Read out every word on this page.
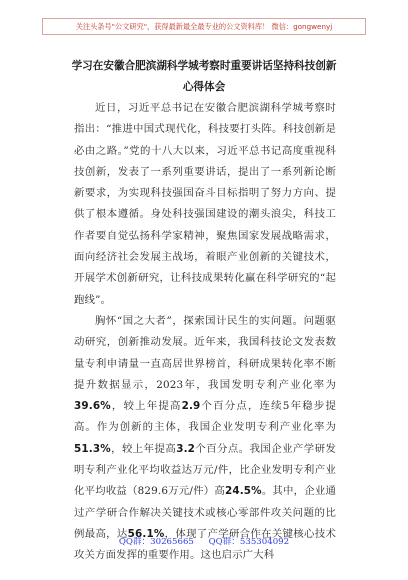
关注头条号"公文研究"，获得最新最全最专业的公文资料库！ 微信：gongwenyj
学习在安徽合肥滨湖科学城考察时重要讲话坚持科技创新
心得体会

近日，习近平总书记在安徽合肥滨湖科学城考察时指出：“推进中国式现代化，科技要打头阵。科技创新是必由之路。”党的十八大以来，习近平总书记高度重视科技创新，发表了一系列重要讲话，提出了一系列新论断新要求，为实现科技强国奋斗目标指明了努力方向、提供了根本遵循。身处科技强国建设的潮头浪尖，科技工作者要自觉弘扬科学家精神，聚焦国家发展战略需求，面向经济社会发展主战场，着眼产业创新的关键技术，开展学术创新研究，让科技成果转化赢在科学研究的“起跑线”。

胸怀“国之大者”，探索国计民生的实问题。问题驱动研究，创新推动发展。近年来，我国科技论文发表数量专利申请量一直高居世界榜首，科研成果转化率不断提升数据显示，2023年，我国发明专利产业化率为39.6%，较上年提高2.9个百分点，连续5年稳步提高。作为创新的主体，我国企业发明专利产业化率为51.3%，较上年提高3.2个百分点。我国企业产学研发明专利产业化平均收益达万元/件，比企业发明专利产业化平均收益（829.6万元/件）高24.5%。其中，企业通过产学研合作解决关键技术或核心零部件攻关问题的比例最高，达56.1%，体现了产学研合作在关键核心技术攻关方面发挥的重要作用。这也启示广大科

QQ群：30265665 QQ群：535304092
